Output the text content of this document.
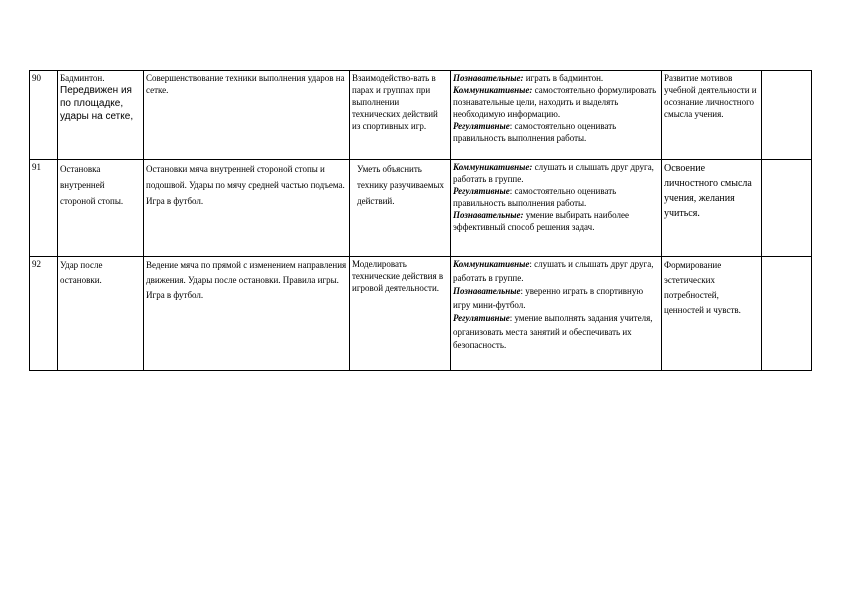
90	Бадминтон. Передвижен ия по площадке, удары на сетке,	Совершенствование техники выполнения ударов на сетке.	Взаимодейство-вать в парах и группах при выполнении технических действий из спортивных игр.	Познавательные: играть в бадминтон.
Коммуникативные: самостоятельно формулировать познавательные цели, находить и выделять необходимую информацию.
Регулятивные: самостоятельно оценивать правильность выполнения работы.	Развитие мотивов учебной деятельности и осознание личностного смысла учения.	
91	Остановка внутренней стороной стопы.	Остановки мяча внутренней стороной стопы и подошвой. Удары по мячу средней частью подъема. Игра в футбол.	Уметь объяснить технику разучиваемых действий.	Коммуникативные: слушать и слышать друг друга, работать в группе.
Регулятивные: самостоятельно оценивать правильность выполнения работы.
Познавательные: умение выбирать наиболее эффективный способ решения задач.	Освоение личностного смысла учения, желания учиться.	
92	Удар после остановки.	Ведение мяча по прямой с изменением направления движения. Удары после остановки. Правила игры. Игра в футбол.	Моделировать технические действия в игровой деятельности.	Коммуникативные: слушать и слышать друг друга, работать в группе.
Познавательные: уверенно играть в спортивную игру мини-футбол.
Регулятивные: умение выполнять задания учителя, организовать места занятий и обеспечивать их безопасность.	Формирование эстетических потребностей, ценностей и чувств.	
